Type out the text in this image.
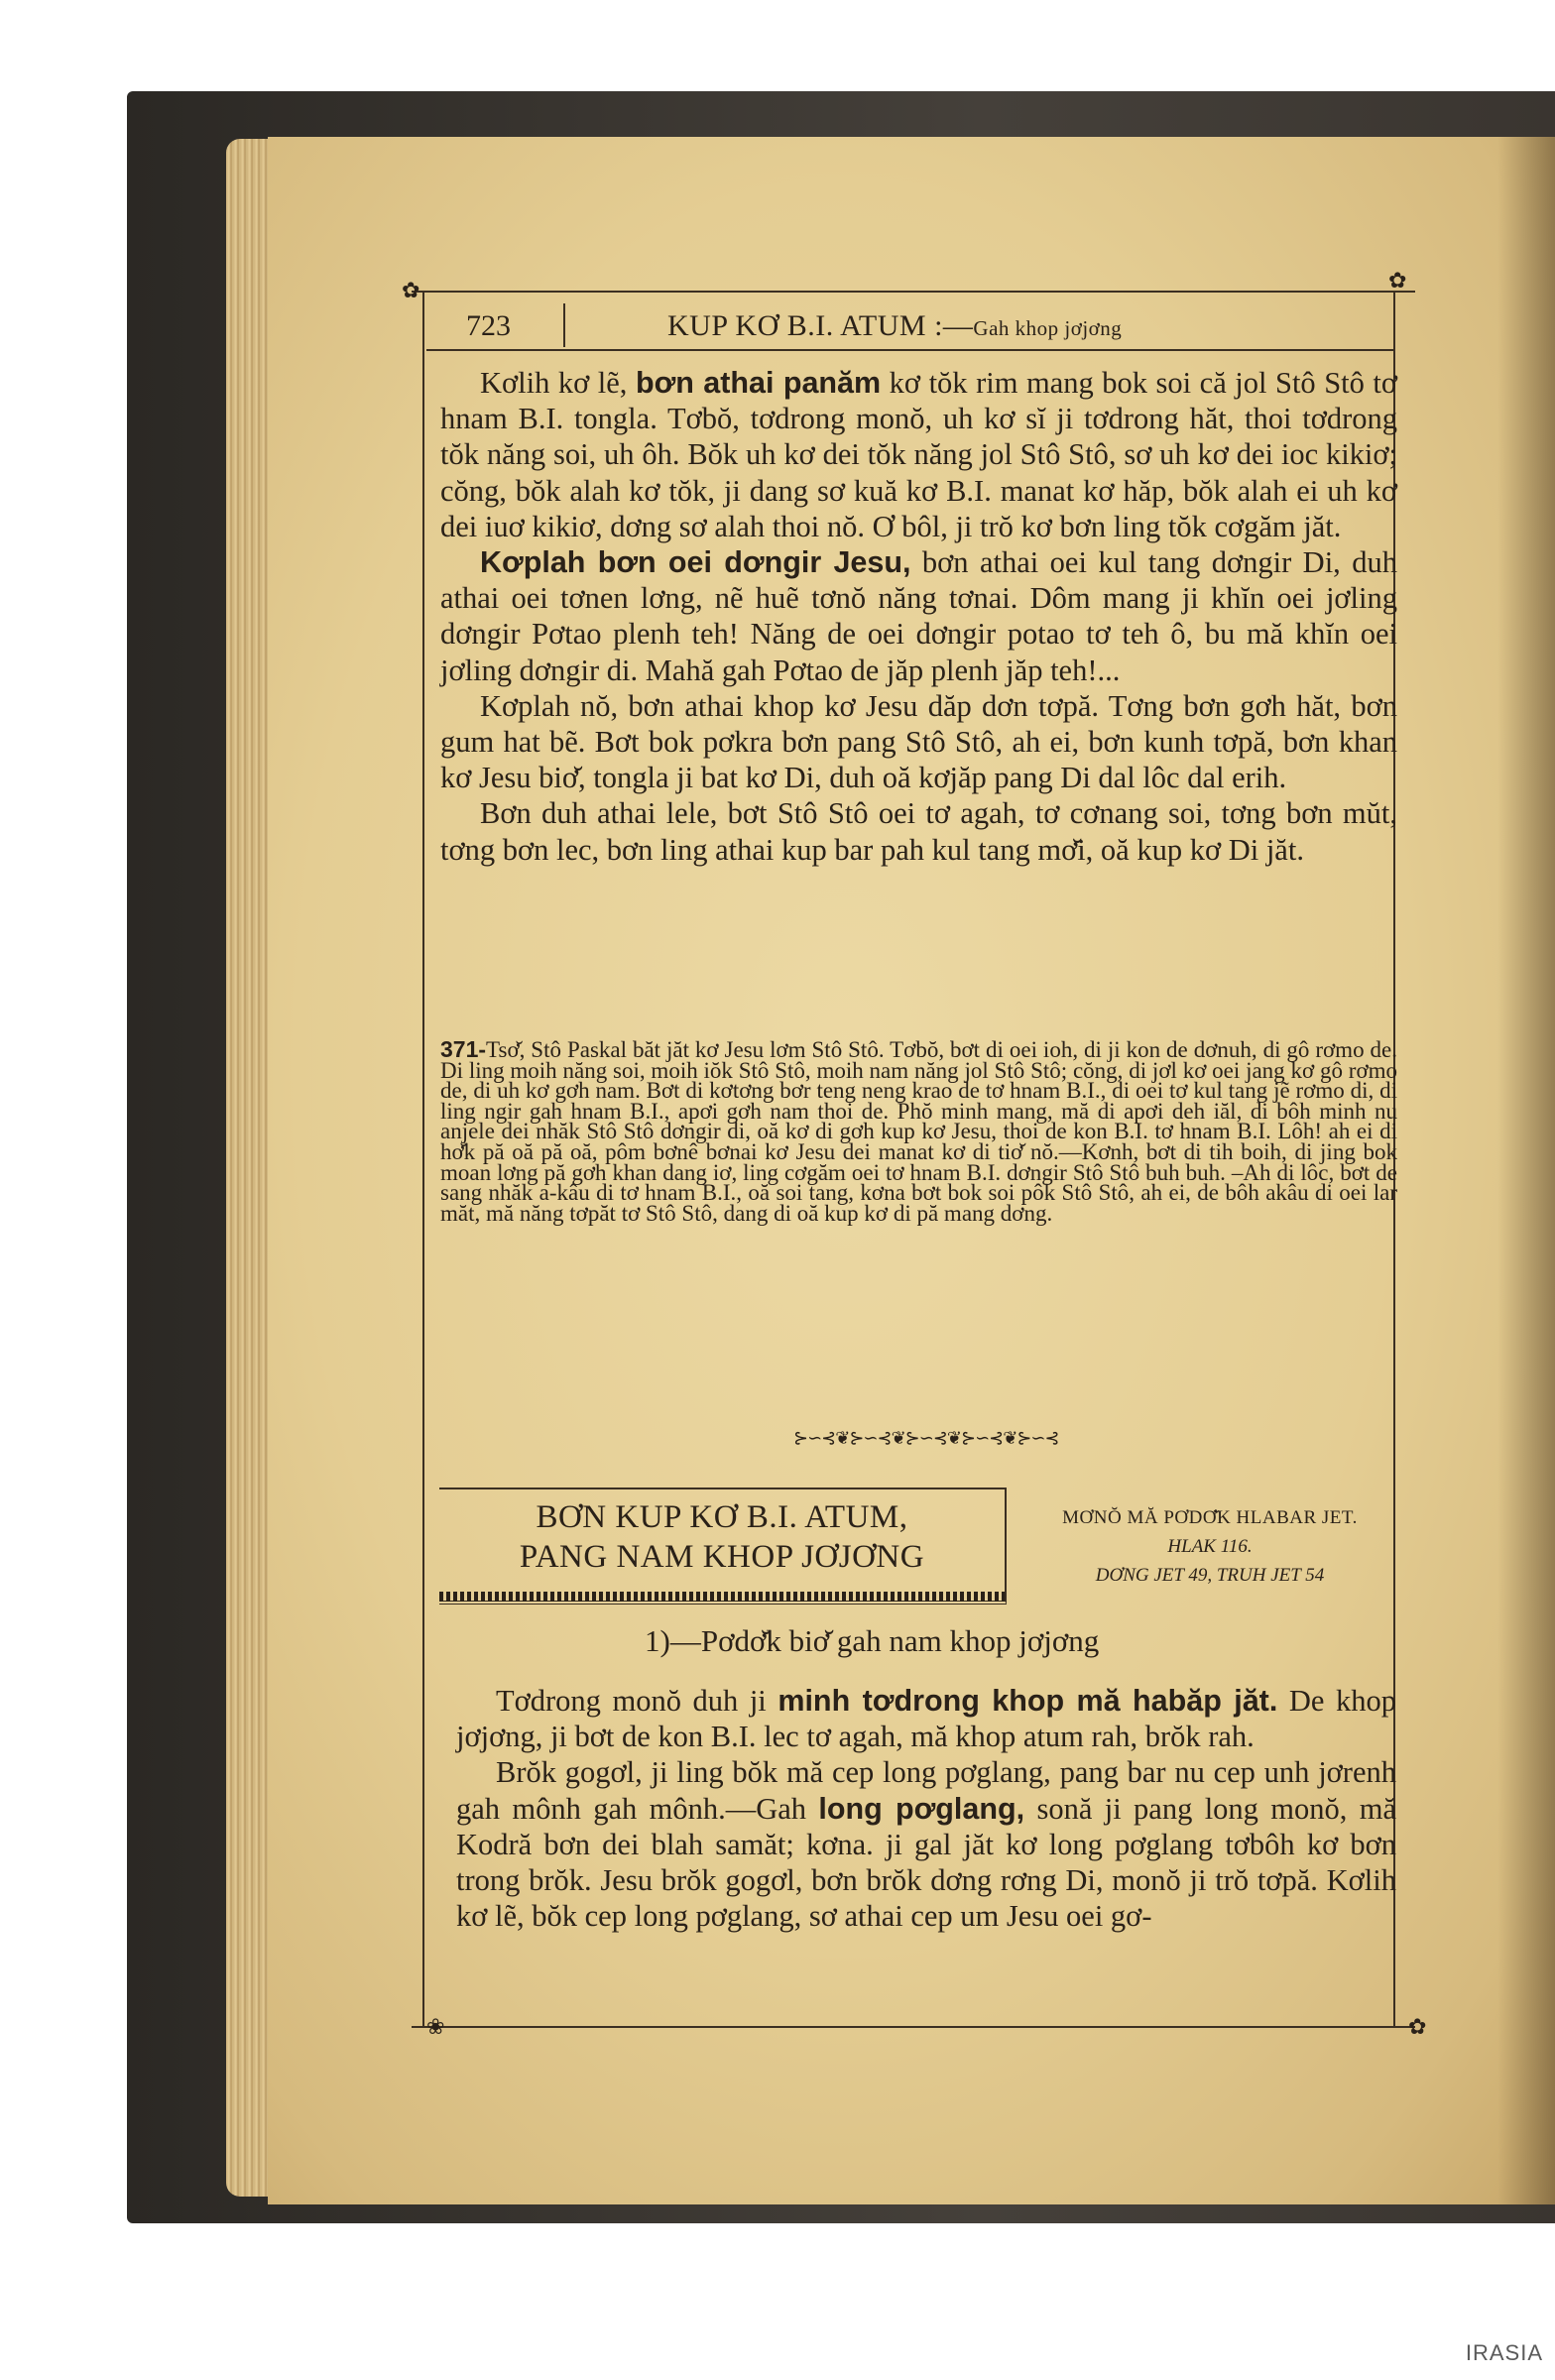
✿	✿
❀	✿
723	KUP KƠ B.I. ATUM :—Gah khop jơjơng

Kơlih kơ lẽ, bơn athai panăm kơ tŏk rim mang bok soi că jol Stô Stô tơ hnam B.I. tongla. Tơbŏ, tơdrong monŏ, uh kơ sĭ ji tơdrong hăt, thoi tơdrong tŏk năng soi, uh ôh. Bŏk uh kơ dei tŏk năng jol Stô Stô, sơ uh kơ dei ioc kikiơ; cŏng, bŏk alah kơ tŏk, ji dang sơ kuă kơ B.I. manat kơ hăp, bŏk alah ei uh kơ dei iuơ kikiơ, dơng sơ alah thoi nŏ. Ơ bôl, ji trŏ kơ bơn ling tŏk cơgăm jăt.

Kơplah bơn oei dơngir Jesu, bơn athai oei kul tang dơngir Di, duh athai oei tơnen lơng, nẽ huẽ tơnŏ năng tơnai. Dôm mang ji khĭn oei jơling dơngir Pơtao plenh teh! Năng de oei dơngir potao tơ teh ô, bu mă khĭn oei jơling dơngir di. Mahă gah Pơtao de jăp plenh jăp teh!...

Kơplah nŏ, bơn athai khop kơ Jesu dăp dơn tơpă. Tơng bơn gơh hăt, bơn gum hat bẽ. Bơt bok pơkra bơn pang Stô Stô, ah ei, bơn kunh tơpă, bơn khan kơ Jesu biơ̆, tongla ji bat kơ Di, duh oă kơjăp pang Di dal lôc dal erih.

Bơn duh athai lele, bơt Stô Stô oei tơ agah, tơ cơnang soi, tơng bơn mŭt, tơng bơn lec, bơn ling athai kup bar pah kul tang mơ̆i, oă kup kơ Di jăt.

371-Tsơ̆, Stô Paskal băt jăt kơ Jesu lơm Stô Stô. Tơbŏ, bơt di oei ioh, di ji kon de dơnuh, di gô rơmo de. Di ling moih năng soi, moih iŏk Stô Stô, moih nam năng jol Stô Stô; cŏng, di jơl kơ oei jang kơ gô rơmo de, di uh kơ gơh nam. Bơt di kơtơng bơr teng neng krao de tơ hnam B.I., di oei tơ kul tang jẽ rơmo di, di ling ngir gah hnam B.I., apơi gơh nam thoi de. Phŏ minh mang, mă di apơi deh iăl, di bôh minh nu anjele dei nhăk Stô Stô dơngir di, oă kơ di gơh kup kơ Jesu, thoi de kon B.I. tơ hnam B.I. Lôh! ah ei di hơ̆k pă oă pă oă, pôm bơnê bơnai kơ Jesu dei manat kơ di tiơ̆ nŏ.—Kơnh, bơt di tih boih, di jing bok moan lơng pă gơh khan dang iơ, ling cơgăm oei tơ hnam B.I. dơngir Stô Stô buh buh. –Ah di lôc, bơt de sang nhăk a-kâu di tơ hnam B.I., oă soi tang, kơna bơt bok soi pôk Stô Stô, ah ei, de bôh akâu di oei lar măt, mă năng tơpăt tơ Stô Stô, dang di oă kup kơ di pă mang dơng.
⊱∽⊰❦⊱∽⊰❦⊱∽⊰❦⊱∽⊰❦⊱∽⊰
BƠN KUP KƠ B.I. ATUM,
PANG NAM KHOP JƠJƠNG
MƠNŎ MĂ PƠDƠ̆K HLABAR JET.
HLAK 116.
DƠNG JET 49, TRUH JET 54
1)—Pơdơ̆k biơ̆ gah nam khop jơjơng

Tơdrong monŏ duh ji minh tơdrong khop mă habăp jăt. De khop jơjơng, ji bơt de kon B.I. lec tơ agah, mă khop atum rah, brŏk rah.

Brŏk gogơl, ji ling bŏk mă cep long pơglang, pang bar nu cep unh jơrenh gah mônh gah mônh.—Gah long pơglang, sonă ji pang long monŏ, mă Kodră bơn dei blah samăt; kơna. ji gal jăt kơ long pơglang tơbôh kơ bơn trong brŏk. Jesu brŏk gogơl, bơn brŏk dơng rơng Di, monŏ ji trŏ tơpă. Kơlih kơ lẽ, bŏk cep long pơglang, sơ athai cep um Jesu oei gơ-

IRASIA
